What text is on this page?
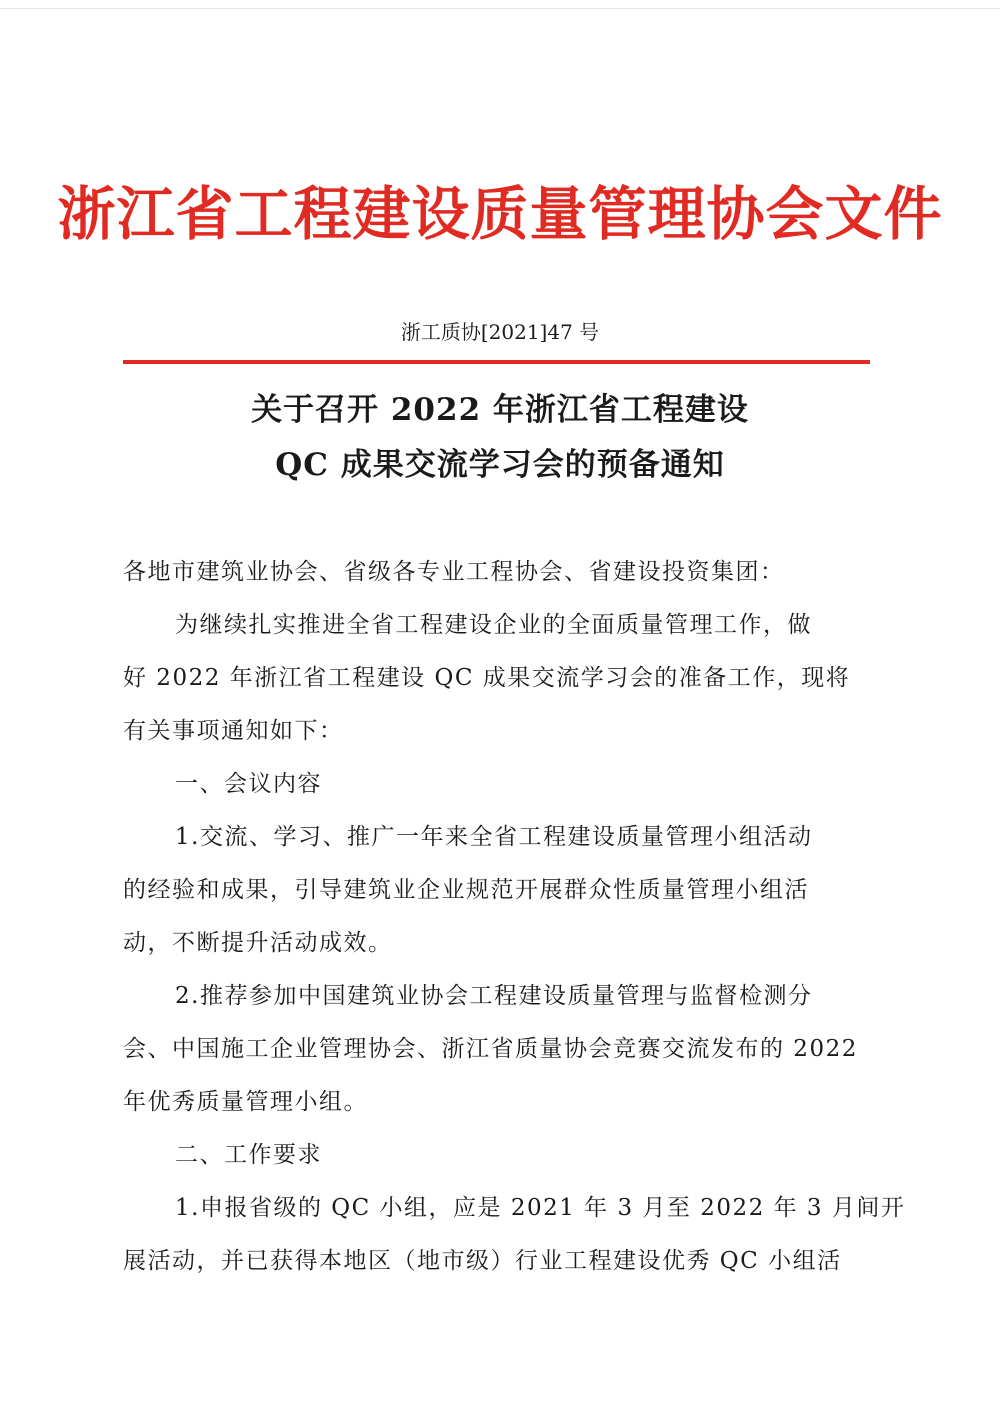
浙江省工程建设质量管理协会文件
浙工质协[2021]47 号
关于召开 2022 年浙江省工程建设
QC 成果交流学习会的预备通知

各地市建筑业协会、省级各专业工程协会、省建设投资集团：

为继续扎实推进全省工程建设企业的全面质量管理工作，做

好 2022 年浙江省工程建设 QC 成果交流学习会的准备工作，现将

有关事项通知如下：

一、会议内容

1.交流、学习、推广一年来全省工程建设质量管理小组活动

的经验和成果，引导建筑业企业规范开展群众性质量管理小组活

动，不断提升活动成效。

2.推荐参加中国建筑业协会工程建设质量管理与监督检测分

会、中国施工企业管理协会、浙江省质量协会竞赛交流发布的 2022

年优秀质量管理小组。

二、工作要求

1.申报省级的 QC 小组，应是 2021 年 3 月至 2022 年 3 月间开

展活动，并已获得本地区（地市级）行业工程建设优秀 QC 小组活
